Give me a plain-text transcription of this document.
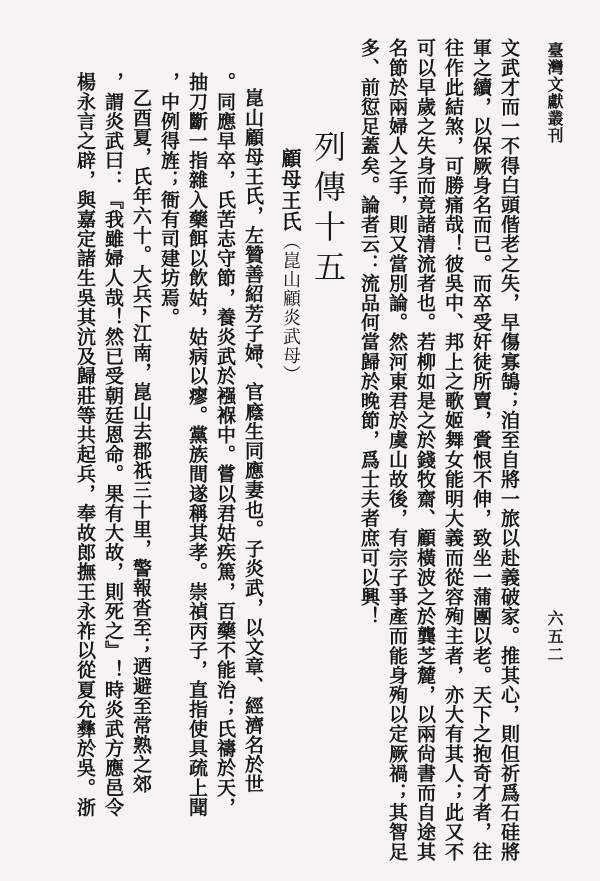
臺灣文獻叢刊
六五二
文武才而一不得白頭偕老之失，早傷寡鵠；洎至自將一旅以赴義破家。推其心，則但祈爲石硅將
軍之續，以保厥身名而已。而卒受奸徒所賣，賫恨不伸，致坐一蒲團以老。天下之抱奇才者，往
往作此結煞，可勝痛哉！彼吳中、邦上之歌姬舞女能明大義而從容殉主者，亦大有其人；此又不
可以早歲之失身而竟諸清流者也。若柳如是之於錢牧齋、顧橫波之於龔芝麓，以兩尙書而自途其
名節於兩婦人之手，則又當別論。然河東君於虞山故後，有宗子爭產而能身殉以定厥禍；其智足
多、前愆足蓋矣。論者云：流品何當歸於晚節，爲士夫者庶可以興！
列傳十五
顧母王氏（崑山顧炎武母）
崑山顧母王氏，左贊善紹芳子婦、官廕生同應妻也。子炎武，以文章、經濟名於世
。同應早卒，氏苦志守節，養炎武於襁褓中。嘗以君姑疾篤，百藥不能治；氏禱於天，
抽刀斷一指雜入藥餌以飲姑，姑病以瘳。黨族間遂稱其孝。崇禎丙子，直指使具疏上聞
，中例得旌；衙有司建坊焉。
乙酉夏，氏年六十。大兵下江南，崑山去郡祇三十里，警報沓至；迺避至常熟之郊
，謂炎武曰：『我雖婦人哉！然已受朝廷恩命。果有大故，則死之』！時炎武方應邑令
楊永言之辟，與嘉定諸生吳其沆及歸莊等共起兵，奉故郎撫王永祚以從夏允彝於吳。浙
